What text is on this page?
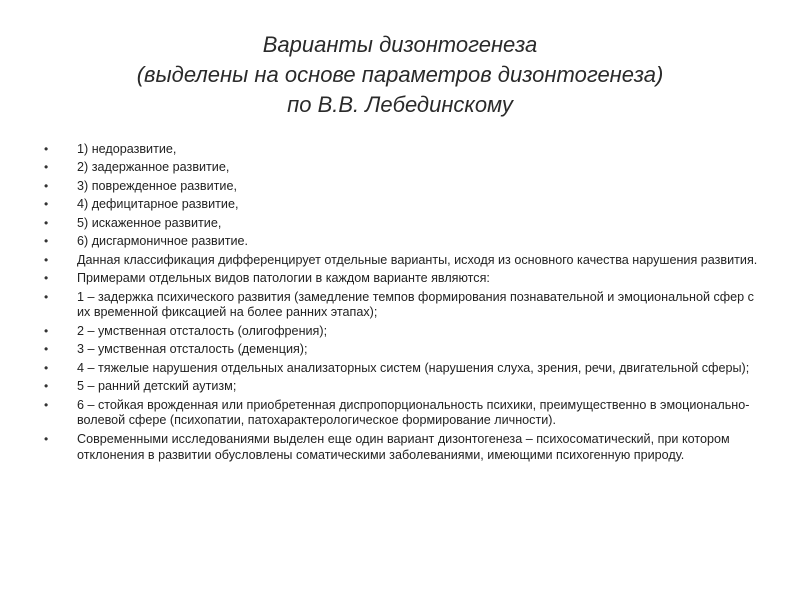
Варианты дизонтогенеза
(выделены на основе параметров дизонтогенеза)
по В.В. Лебединскому
•	1) недоразвитие,
•	2) задержанное развитие,
•	3) поврежденное развитие,
•	4) дефицитарное развитие,
•	5) искаженное развитие,
•	6) дисгармоничное развитие.
•	Данная классификация дифференцирует отдельные варианты, исходя из основного качества нарушения развития.
•	Примерами отдельных видов патологии в каждом варианте являются:
•	1 – задержка психического развития (замедление темпов формирования познавательной и эмоциональной сфер с их временной фиксацией на более ранних этапах);
•	2 – умственная отсталость (олигофрения);
•	3 – умственная отсталость (деменция);
•	4 – тяжелые нарушения отдельных анализаторных систем (нарушения слуха, зрения, речи, двигательной сферы);
•	5 – ранний детский аутизм;
•	6 – стойкая врожденная или приобретенная диспропорциональность психики, преимущественно в эмоционально-волевой сфере (психопатии, патохарактерологическое формирование личности).
•	Современными исследованиями выделен еще один вариант дизонтогенеза – психосоматический, при котором отклонения в развитии обусловлены соматическими заболеваниями, имеющими психогенную природу.
